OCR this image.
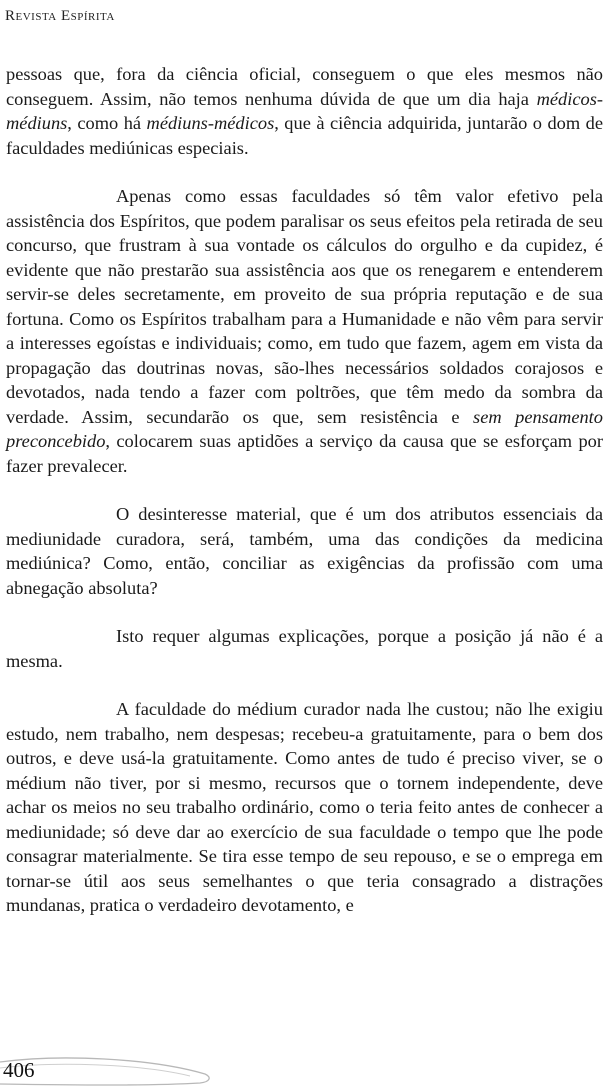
Revista Espírita

pessoas que, fora da ciência oficial, conseguem o que eles mesmos não conseguem. Assim, não temos nenhuma dúvida de que um dia haja médicos-médiuns, como há médiuns-médicos, que à ciência adquirida, juntarão o dom de faculdades mediúnicas especiais.

Apenas como essas faculdades só têm valor efetivo pela assistência dos Espíritos, que podem paralisar os seus efeitos pela retirada de seu concurso, que frustram à sua vontade os cálculos do orgulho e da cupidez, é evidente que não prestarão sua assistência aos que os renegarem e entenderem servir-se deles secretamente, em proveito de sua própria reputação e de sua fortuna. Como os Espíritos trabalham para a Humanidade e não vêm para servir a interesses egoístas e individuais; como, em tudo que fazem, agem em vista da propagação das doutrinas novas, são-lhes necessários soldados corajosos e devotados, nada tendo a fazer com poltrões, que têm medo da sombra da verdade. Assim, secundarão os que, sem resistência e sem pensamento preconcebido, colocarem suas aptidões a serviço da causa que se esforçam por fazer prevalecer.

O desinteresse material, que é um dos atributos essenciais da mediunidade curadora, será, também, uma das condições da medicina mediúnica? Como, então, conciliar as exigências da profissão com uma abnegação absoluta?

Isto requer algumas explicações, porque a posição já não é a mesma.

A faculdade do médium curador nada lhe custou; não lhe exigiu estudo, nem trabalho, nem despesas; recebeu-a gratuitamente, para o bem dos outros, e deve usá-la gratuitamente. Como antes de tudo é preciso viver, se o médium não tiver, por si mesmo, recursos que o tornem independente, deve achar os meios no seu trabalho ordinário, como o teria feito antes de conhecer a mediunidade; só deve dar ao exercício de sua faculdade o tempo que lhe pode consagrar materialmente. Se tira esse tempo de seu repouso, e se o emprega em tornar-se útil aos seus semelhantes o que teria consagrado a distrações mundanas, pratica o verdadeiro devotamento, e

406
